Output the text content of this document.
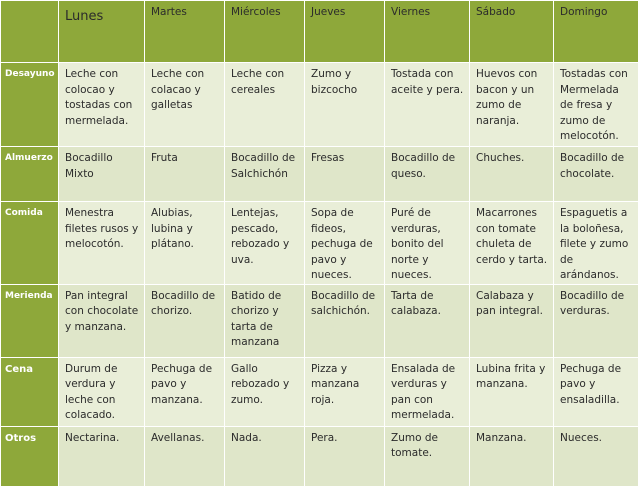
	Lunes	Martes	Miércoles	Jueves	Viernes	Sábado	Domingo
Desayuno	Leche con colocao y tostadas con mermelada.	Leche con colacao y galletas	Leche con cereales	Zumo y bizcocho	Tostada con aceite y pera.	Huevos con bacon y un zumo de naranja.	Tostadas con Mermelada de fresa y zumo de melocotón.
Almuerzo	Bocadillo Mixto	Fruta	Bocadillo de Salchichón	Fresas	Bocadillo de queso.	Chuches.	Bocadillo de chocolate.
Comida	Menestra filetes rusos y melocotón.	Alubias, lubina y plátano.	Lentejas, pescado, rebozado y uva.	Sopa de fideos, pechuga de pavo y nueces.	Puré de verduras, bonito del norte y nueces.	Macarrones con tomate chuleta de cerdo y tarta.	Espaguetis a la boloñesa, filete y zumo de arándanos.
Merienda	Pan integral con chocolate y manzana.	Bocadillo de chorizo.	Batido de chorizo y tarta de manzana	Bocadillo de salchichón.	Tarta de calabaza.	Calabaza y pan integral.	Bocadillo de verduras.
Cena	Durum de verdura y leche con colacado.	Pechuga de pavo y manzana.	Gallo rebozado y zumo.	Pizza y manzana roja.	Ensalada de verduras y pan con mermelada.	Lubina frita y manzana.	Pechuga de pavo y ensaladilla.
Otros	Nectarina.	Avellanas.	Nada.	Pera.	Zumo de tomate.	Manzana.	Nueces.
